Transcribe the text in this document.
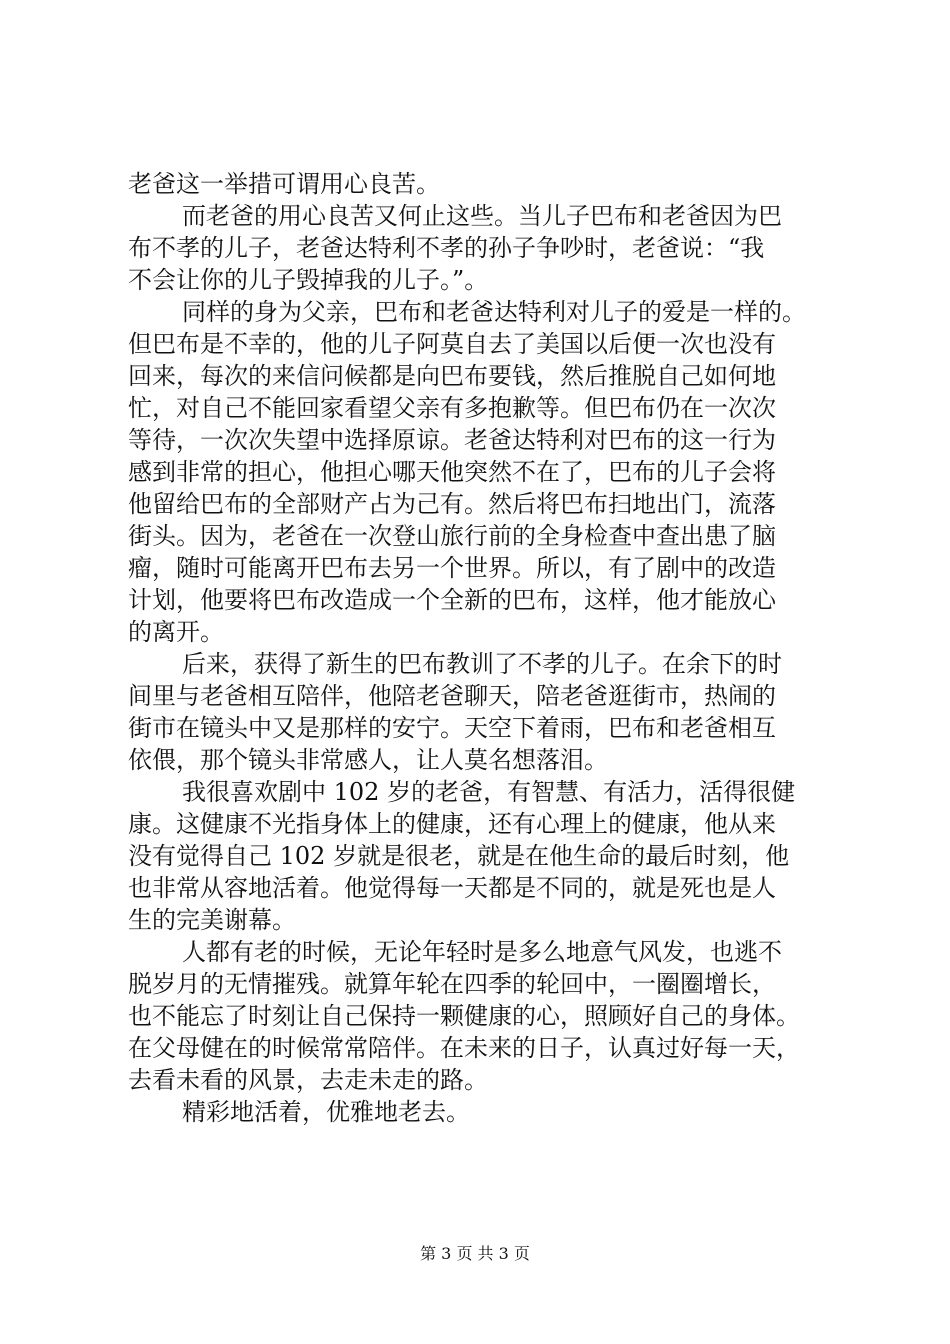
老爸这一举措可谓用心良苦。
而老爸的用心良苦又何止这些。当儿子巴布和老爸因为巴
布不孝的儿子，老爸达特利不孝的孙子争吵时，老爸说：“我
不会让你的儿子毁掉我的儿子。”。
同样的身为父亲，巴布和老爸达特利对儿子的爱是一样的。
但巴布是不幸的，他的儿子阿莫自去了美国以后便一次也没有
回来，每次的来信问候都是向巴布要钱，然后推脱自己如何地
忙，对自己不能回家看望父亲有多抱歉等。但巴布仍在一次次
等待，一次次失望中选择原谅。老爸达特利对巴布的这一行为
感到非常的担心，他担心哪天他突然不在了，巴布的儿子会将
他留给巴布的全部财产占为己有。然后将巴布扫地出门，流落
街头。因为，老爸在一次登山旅行前的全身检查中查出患了脑
瘤，随时可能离开巴布去另一个世界。所以，有了剧中的改造
计划，他要将巴布改造成一个全新的巴布，这样，他才能放心
的离开。
后来，获得了新生的巴布教训了不孝的儿子。在余下的时
间里与老爸相互陪伴，他陪老爸聊天，陪老爸逛街市，热闹的
街市在镜头中又是那样的安宁。天空下着雨，巴布和老爸相互
依偎，那个镜头非常感人，让人莫名想落泪。
我很喜欢剧中 102 岁的老爸，有智慧、有活力，活得很健
康。这健康不光指身体上的健康，还有心理上的健康，他从来
没有觉得自己 102 岁就是很老，就是在他生命的最后时刻，他
也非常从容地活着。他觉得每一天都是不同的，就是死也是人
生的完美谢幕。
人都有老的时候，无论年轻时是多么地意气风发，也逃不
脱岁月的无情摧残。就算年轮在四季的轮回中，一圈圈增长，
也不能忘了时刻让自己保持一颗健康的心，照顾好自己的身体。
在父母健在的时候常常陪伴。在未来的日子，认真过好每一天，
去看未看的风景，去走未走的路。
精彩地活着，优雅地老去。
第 3 页 共 3 页
